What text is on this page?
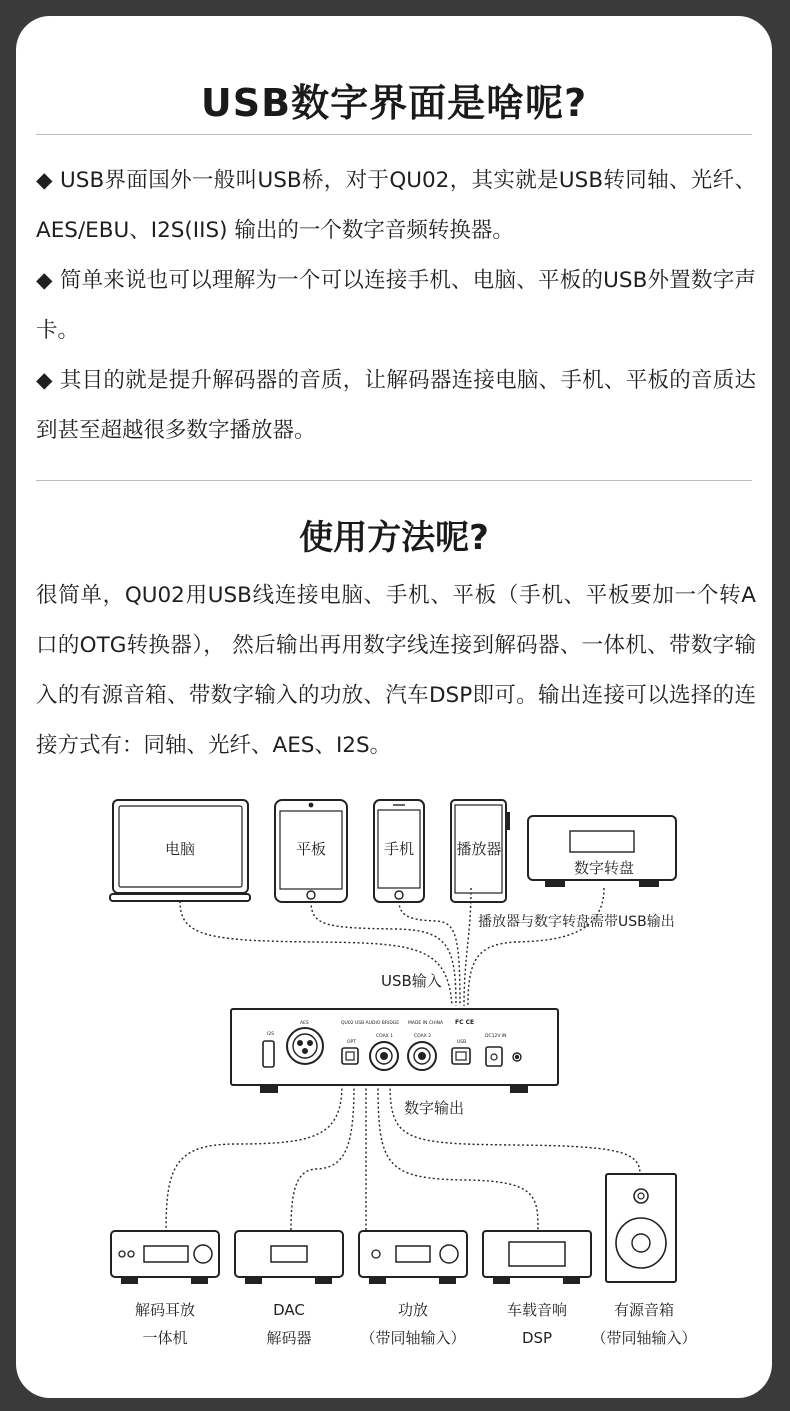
USB数字界面是啥呢?
◆ USB界面国外一般叫USB桥，对于QU02，其实就是USB转同轴、光纤、AES/EBU、I2S(IIS) 输出的一个数字音频转换器。
◆ 简单来说也可以理解为一个可以连接手机、电脑、平板的USB外置数字声卡。
◆ 其目的就是提升解码器的音质，让解码器连接电脑、手机、平板的音质达到甚至超越很多数字播放器。
使用方法呢?
很简单，QU02用USB线连接电脑、手机、平板（手机、平板要加一个转A口的OTG转换器）， 然后输出再用数字线连接到解码器、一体机、带数字输入的有源音箱、带数字输入的功放、汽车DSP即可。输出连接可以选择的连接方式有：同轴、光纤、AES、I2S。
电脑	平板	手机	播放器
数字转盘
播放器与数字转盘需带USB输出
USB输入
I2S
AES
OPT
QU02 USB AUDIO BRIDGE
COAX 1	COAX 2
MADE IN CHINA FC CE
USB
DC12V IN
数字输出
解码耳放
一体机
DAC
解码器
功放
（带同轴输入）
车载音响
DSP
有源音箱
（带同轴输入）
